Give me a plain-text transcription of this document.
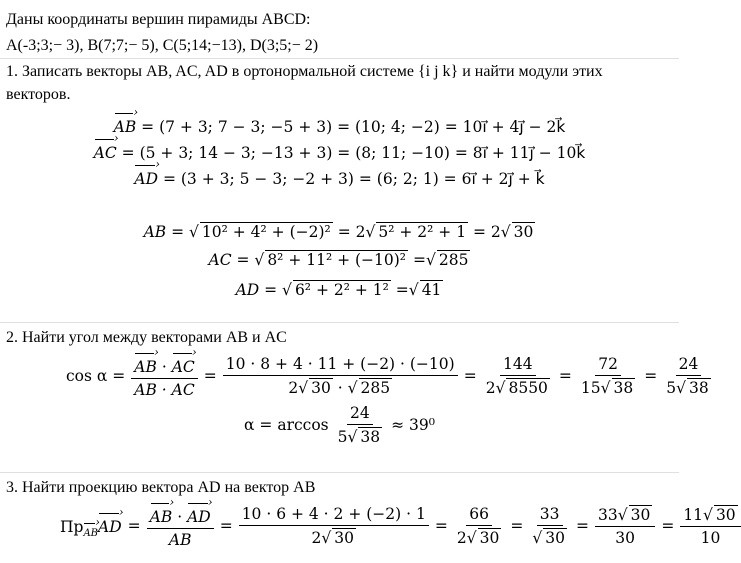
Даны координаты вершин пирамиды ABCD:
A(-3;3;− 3), B(7;7;− 5), C(5;14;−13), D(3;5;− 2)
1. Записать векторы AB, AC, AD в ортонормальной системе {i j k} и найти модули этих
векторов.
AB › = (7 + 3; 7 − 3; −5 + 3) = (10; 4; −2) = 10i⃗ + 4j⃗ − 2k⃗
AC › = (5 + 3; 14 − 3; −13 + 3) = (8; 11; −10) = 8i⃗ + 11j⃗ − 10k⃗
AD › = (3 + 3; 5 − 3; −2 + 3) = (6; 2; 1) = 6i⃗ + 2j⃗ + k⃗
AB = √ 10² + 4² + (−2)² = 2√ 5² + 2² + 1 = 2√ 30
AC = √ 8² + 11² + (−10)² =√ 285
AD = √ 6² + 2² + 1² =√ 41
2. Найти угол между векторами AB и AC
$\cos \alpha = \frac{AB › \cdot AC ›}{AB \cdot AC} = \frac{10 \cdot 8 + 4 \cdot 11 + (-2) \cdot (-10)}{2√ 30 \cdot √ 285} = \frac{144}{2√ 8550} = \frac{72}{15√ 38} = \frac{24}{5√ 38}$
$\alpha = \arccos \frac{24}{5√ 38} \approx 39^0$
3. Найти проекцию вектора AD на вектор AB
$Пр_{AB}$ ›AD › = $\frac{AB › \cdot AD ›}{AB} = \frac{10 \cdot 6 + 4 \cdot 2 + (-2) \cdot 1}{2√ 30} = \frac{66}{2√ 30} = \frac{33}{√ 30} = \frac{33√ 30}{30} = \frac{11√ 30}{10}$
